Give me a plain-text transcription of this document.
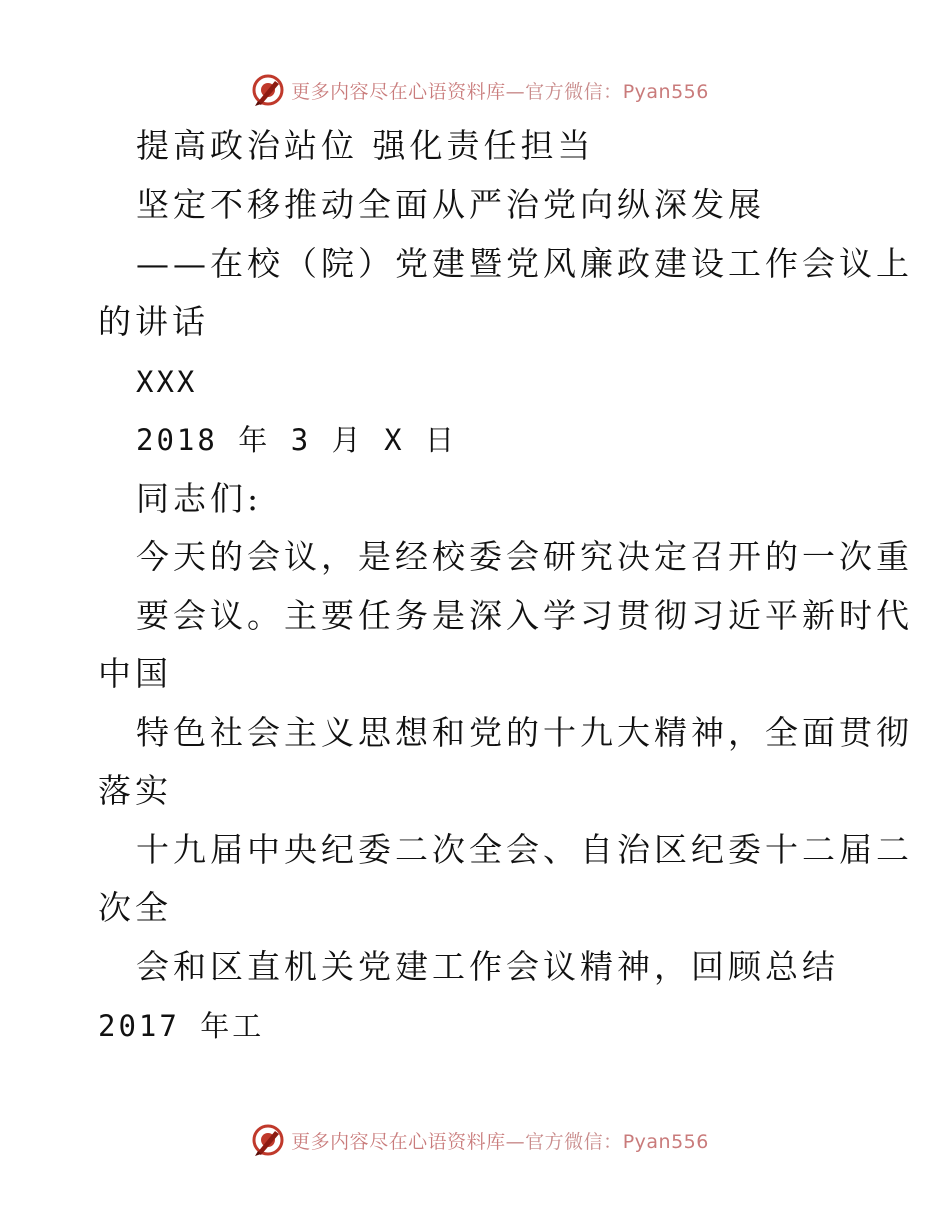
更多内容尽在心语资料库—官方微信：Pyan556
提高政治站位 强化责任担当
坚定不移推动全面从严治党向纵深发展
——在校（院）党建暨党风廉政建设工作会议上
的讲话
XXX
2018 年 3 月 X 日
同志们:
今天的会议，是经校委会研究决定召开的一次重
要会议。主要任务是深入学习贯彻习近平新时代
中国
特色社会主义思想和党的十九大精神，全面贯彻
落实
十九届中央纪委二次全会、自治区纪委十二届二
次全
会和区直机关党建工作会议精神，回顾总结
2017 年工
更多内容尽在心语资料库—官方微信：Pyan556
